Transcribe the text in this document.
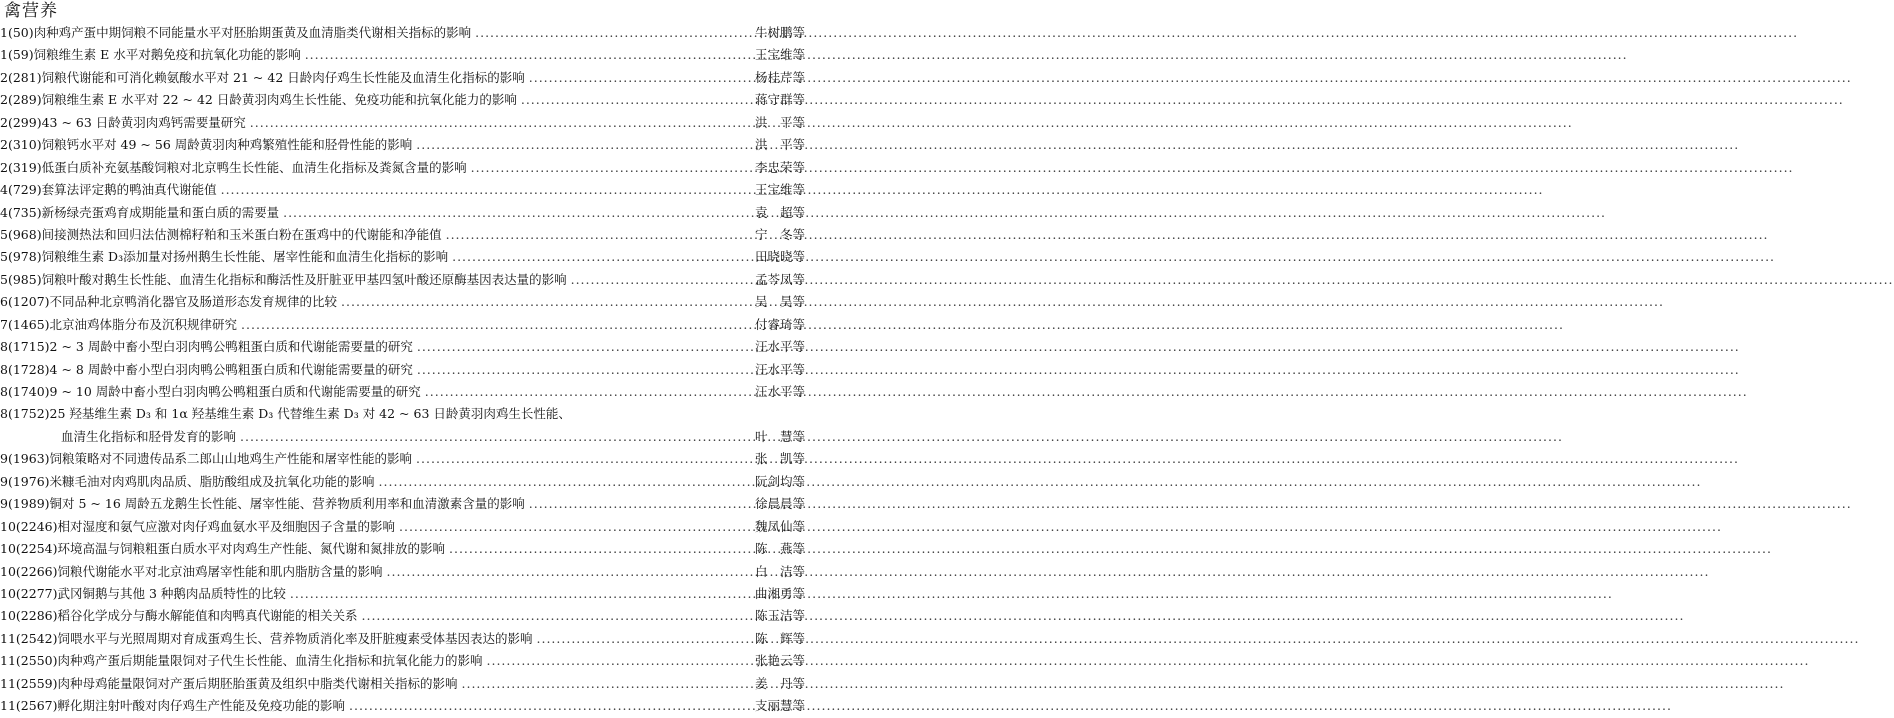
禽营养
1(50) 肉种鸡产蛋中期饲粮不同能量水平对胚胎期蛋黄及血清脂类代谢相关指标的影响 .....	牛树鹏等
1(59) 饲粮维生素 E 水平对鹅免疫和抗氧化功能的影响 .....	王宝维等
2(281) 饲粮代谢能和可消化赖氨酸水平对 21 ~ 42 日龄肉仔鸡生长性能及血清生化指标的影响 .....	杨桂芹等
2(289) 饲粮维生素 E 水平对 22 ~ 42 日龄黄羽肉鸡生长性能、免疫功能和抗氧化能力的影响 .....	蒋守群等
2(299) 43 ~ 63 日龄黄羽肉鸡钙需要量研究 .....	洪　平等
2(310) 饲粮钙水平对 49 ~ 56 周龄黄羽肉种鸡繁殖性能和胫骨性能的影响 .....	洪　平等
2(319) 低蛋白质补充氨基酸饲粮对北京鸭生长性能、血清生化指标及粪氮含量的影响 .....	李忠荣等
4(729) 套算法评定鹅的鸭油真代谢能值 .....	王宝维等
4(735) 新杨绿壳蛋鸡育成期能量和蛋白质的需要量 .....	袁　超等
5(968) 间接测热法和回归法估测棉籽粕和玉米蛋白粉在蛋鸡中的代谢能和净能值 .....	宁　冬等
5(978) 饲粮维生素 D₃添加量对扬州鹅生长性能、屠宰性能和血清生化指标的影响 .....	田晓晓等
5(985) 饲粮叶酸对鹅生长性能、血清生化指标和酶活性及肝脏亚甲基四氢叶酸还原酶基因表达量的影响 .....	孟芩凤等
6(1207) 不同品种北京鸭消化器官及肠道形态发育规律的比较 .....	吴　昊等
7(1465) 北京油鸡体脂分布及沉积规律研究 .....	付睿琦等
8(1715) 2 ~ 3 周龄中畜小型白羽肉鸭公鸭粗蛋白质和代谢能需要量的研究 .....	汪水平等
8(1728) 4 ~ 8 周龄中畜小型白羽肉鸭公鸭粗蛋白质和代谢能需要量的研究 .....	汪水平等
8(1740) 9 ~ 10 周龄中畜小型白羽肉鸭公鸭粗蛋白质和代谢能需要量的研究 .....	汪水平等
8(1752)25 羟基维生素 D₃ 和 1α 羟基维生素 D₃ 代替维生素 D₃ 对 42 ~ 63 日龄黄羽肉鸡生长性能、
血清生化指标和胫骨发育的影响 .....	叶　慧等
9(1963) 饲粮策略对不同遗传品系二郎山山地鸡生产性能和屠宰性能的影响 .....	张　凯等
9(1976) 米糠毛油对肉鸡肌肉品质、脂肪酸组成及抗氧化功能的影响 .....	阮剑均等
9(1989) 铜对 5 ~ 16 周龄五龙鹅生长性能、屠宰性能、营养物质利用率和血清激素含量的影响 .....	徐晨晨等
10(2246) 相对湿度和氨气应激对肉仔鸡血氨水平及细胞因子含量的影响 .....	魏凤仙等
10(2254) 环境高温与饲粮粗蛋白质水平对肉鸡生产性能、氮代谢和氮排放的影响 .....	陈　燕等
10(2266) 饲粮代谢能水平对北京油鸡屠宰性能和肌内脂肪含量的影响 .....	白　洁等
10(2277) 武冈铜鹅与其他 3 种鹅肉品质特性的比较 .....	曲湘勇等
10(2286) 稻谷化学成分与酶水解能值和肉鸭真代谢能的相关关系 .....	陈玉洁等
11(2542) 饲喂水平与光照周期对育成蛋鸡生长、营养物质消化率及肝脏瘦素受体基因表达的影响 .....	陈　辉等
11(2550) 肉种鸡产蛋后期能量限饲对子代生长性能、血清生化指标和抗氧化能力的影响 .....	张艳云等
11(2559) 肉种母鸡能量限饲对产蛋后期胚胎蛋黄及组织中脂类代谢相关指标的影响 .....	姜　丹等
11(2567) 孵化期注射叶酸对肉仔鸡生产性能及免疫功能的影响 .....	支丽慧等
